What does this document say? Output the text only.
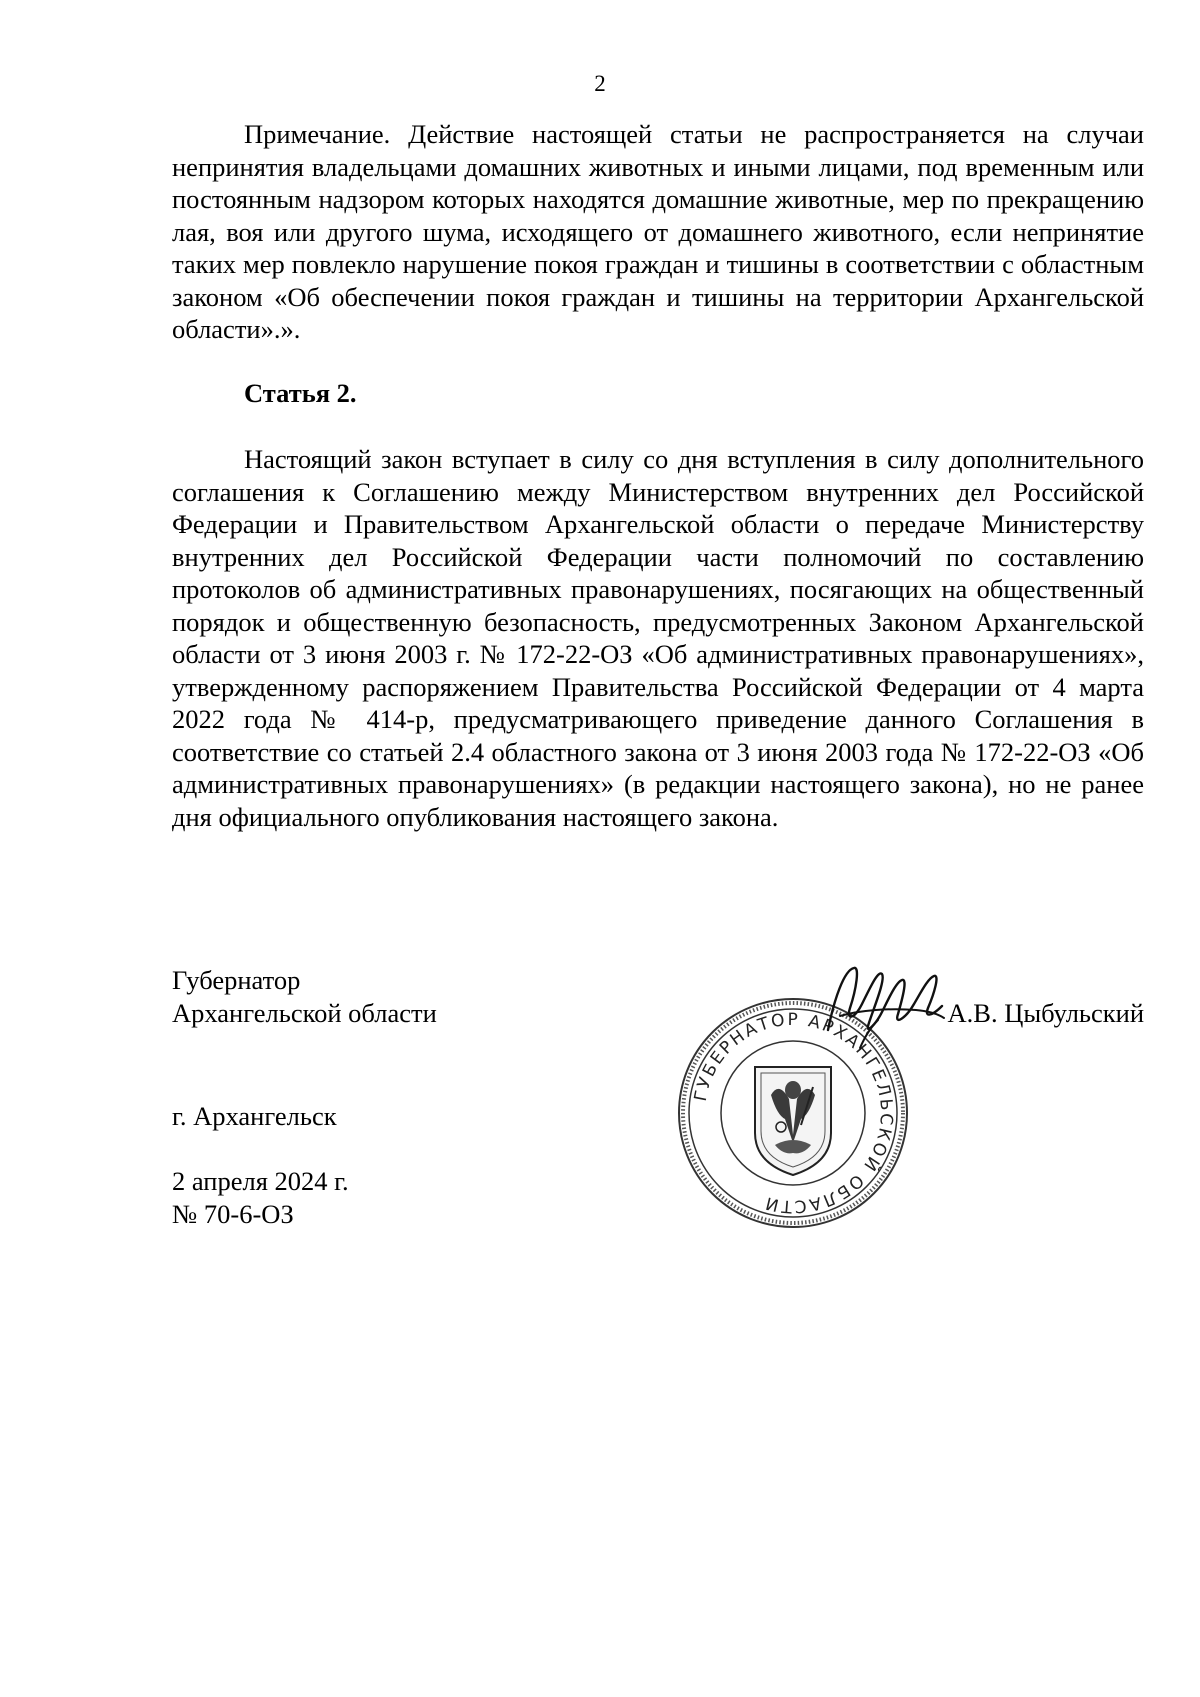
2

Примечание. Действие настоящей статьи не распространяется на случаи непринятия владельцами домашних животных и иными лицами, под временным или постоянным надзором которых находятся домашние животные, мер по прекращению лая, воя или другого шума, исходящего от домашнего животного, если непринятие таких мер повлекло нарушение покоя граждан и тишины в соответствии с областным законом «Об обеспечении покоя граждан и тишины на территории Архангельской области».».

Статья 2.

Настоящий закон вступает в силу со дня вступления в силу дополнительного соглашения к Соглашению между Министерством внутренних дел Российской Федерации и Правительством Архангельской области о передаче Министерству внутренних дел Российской Федерации части полномочий по составлению протоколов об административных правонарушениях, посягающих на общественный порядок и общественную безопасность, предусмотренных Законом Архангельской области от 3 июня 2003 г. № 172-22-ОЗ «Об административных правонарушениях», утвержденному распоряжением Правительства Российской Федерации от 4 марта 2022 года № 414-р, предусматривающего приведение данного Соглашения в соответствие со статьей 2.4 областного закона от 3 июня 2003 года № 172-22-ОЗ «Об административных правонарушениях» (в редакции настоящего закона), но не ранее дня официального опубликования настоящего закона.

Губернатор
Архангельской области	А.В. Цыбульский
г. Архангельск
2 апреля 2024 г.
№ 70-6-ОЗ
ГУБЕРНАТОР АРХАНГЕЛЬСКОЙ ОБЛАСТИ
